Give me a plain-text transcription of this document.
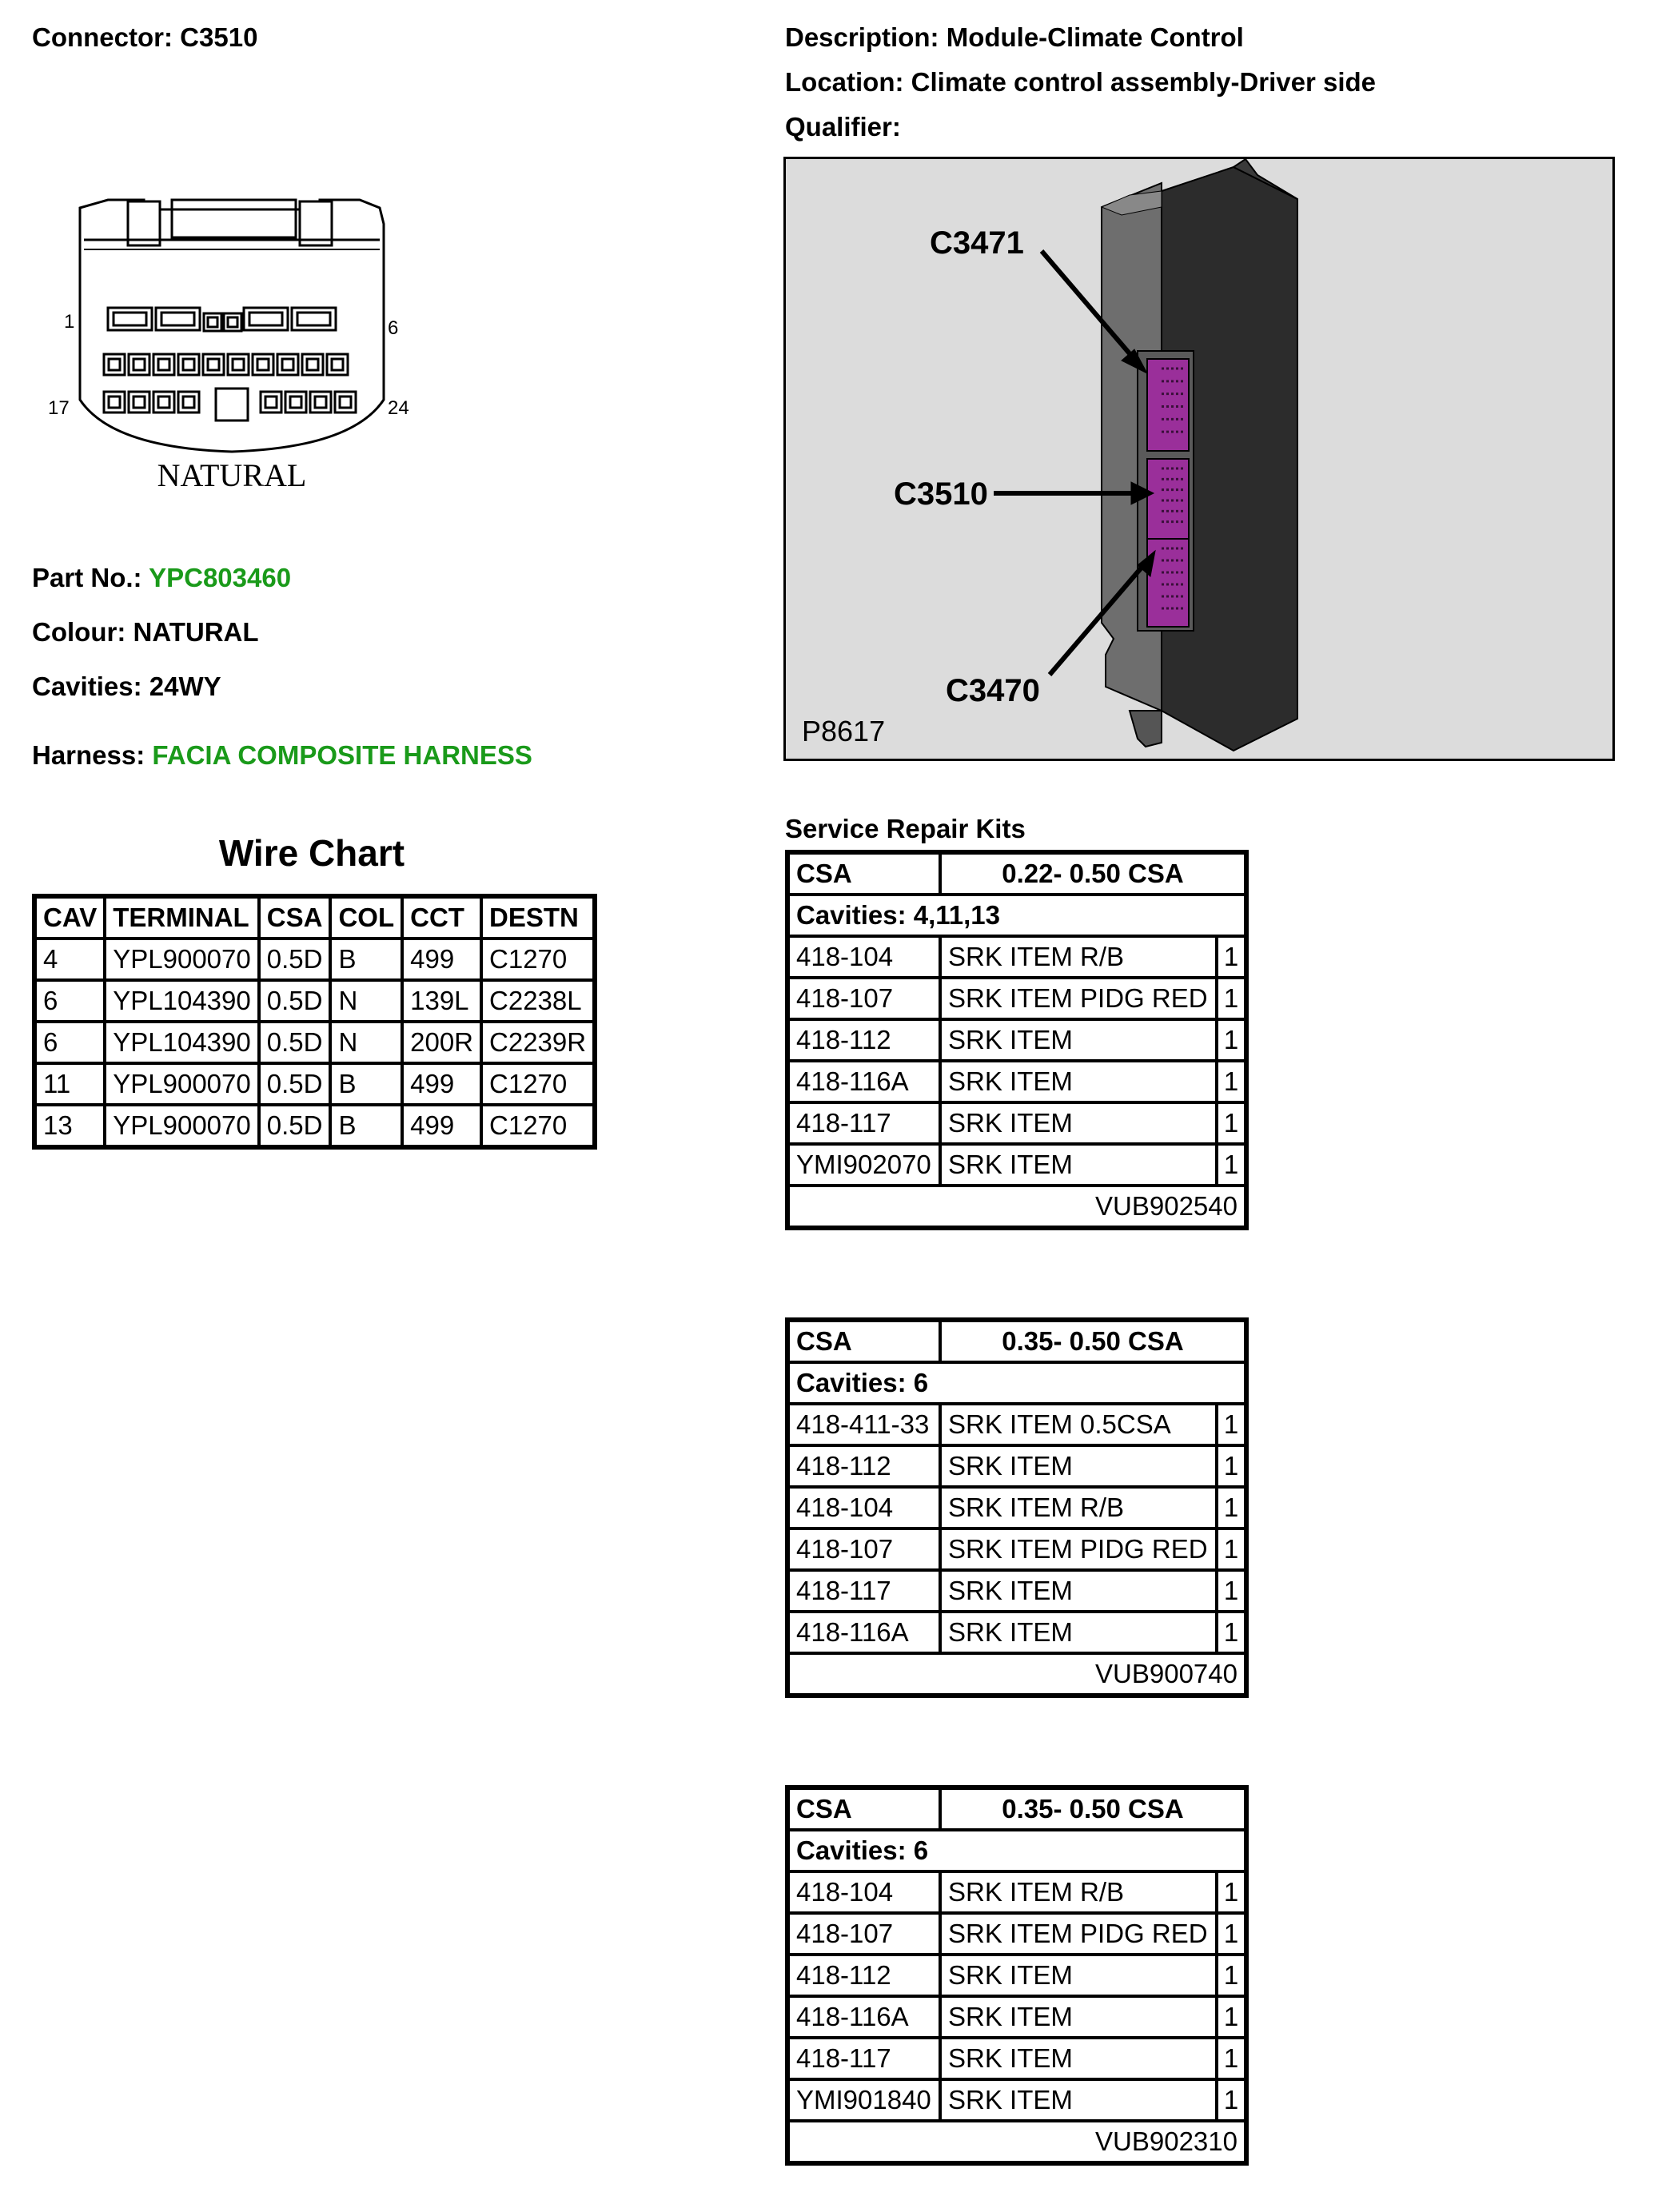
Connector: C3510	Description: Module-Climate Control
Location: Climate control assembly-Driver side
Qualifier:
1	6
17	24
NATURAL
Part No.: YPC803460
Colour: NATURAL
Cavities: 24WY
Harness: FACIA COMPOSITE HARNESS
Wire Chart
CAV	TERMINAL	CSA	COL	CCT	DESTN
4	YPL900070	0.5D	B	499	C1270
6	YPL104390	0.5D	N	139L	C2238L
6	YPL104390	0.5D	N	200R	C2239R
11	YPL900070	0.5D	B	499	C1270
13	YPL900070	0.5D	B	499	C1270
C3471
C3510
C3470
P8617
Service Repair Kits
CSA	0.22- 0.50 CSA	
Cavities: 4,11,13		
418-104	SRK ITEM R/B	1
418-107	SRK ITEM PIDG RED	1
418-112	SRK ITEM	1
418-116A	SRK ITEM	1
418-117	SRK ITEM	1
YMI902070	SRK ITEM	1
VUB902540		
CSA	0.35- 0.50 CSA	
Cavities: 6		
418-411-33	SRK ITEM 0.5CSA	1
418-112	SRK ITEM	1
418-104	SRK ITEM R/B	1
418-107	SRK ITEM PIDG RED	1
418-117	SRK ITEM	1
418-116A	SRK ITEM	1
VUB900740		
CSA	0.35- 0.50 CSA	
Cavities: 6		
418-104	SRK ITEM R/B	1
418-107	SRK ITEM PIDG RED	1
418-112	SRK ITEM	1
418-116A	SRK ITEM	1
418-117	SRK ITEM	1
YMI901840	SRK ITEM	1
VUB902310		
